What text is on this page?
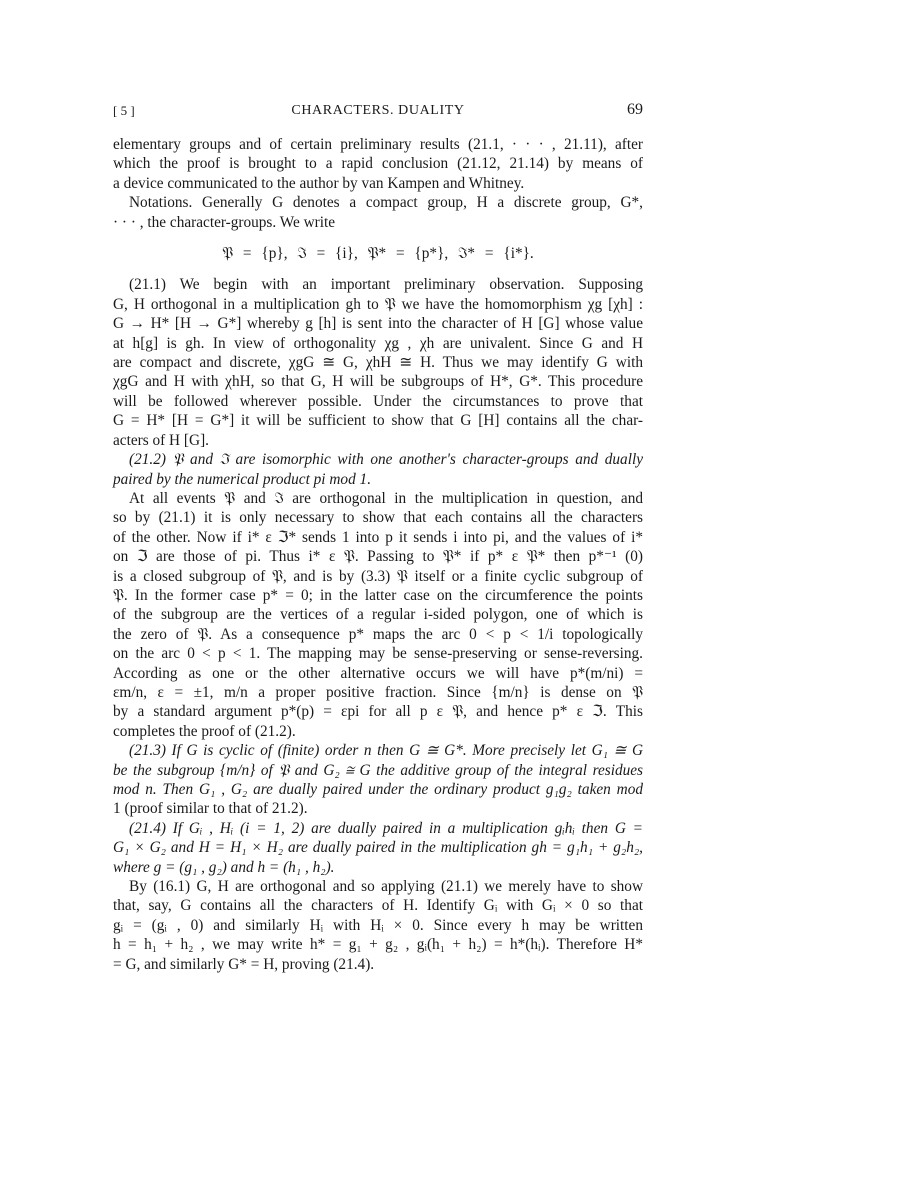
[ 5 ]	CHARACTERS. DUALITY	69
elementary groups and of certain preliminary results (21.1, · · · , 21.11), after
which the proof is brought to a rapid conclusion (21.12, 21.14) by means of
a device communicated to the author by van Kampen and Whitney.
Notations. Generally G denotes a compact group, H a discrete group, G*,
· · · , the character-groups. We write
𝔓 = {p}, ℑ = {i}, 𝔓* = {p*}, ℑ* = {i*}.
(21.1) We begin with an important preliminary observation. Supposing
G, H orthogonal in a multiplication gh to 𝔓 we have the homomorphism χg [χh] :
G → H* [H → G*] whereby g [h] is sent into the character of H [G] whose value
at h[g] is gh. In view of orthogonality χg , χh are univalent. Since G and H
are compact and discrete, χgG ≅ G, χhH ≅ H. Thus we may identify G with
χgG and H with χhH, so that G, H will be subgroups of H*, G*. This procedure
will be followed wherever possible. Under the circumstances to prove that
G = H* [H = G*] it will be sufficient to show that G [H] contains all the char-
acters of H [G].
(21.2) 𝔓 and ℑ are isomorphic with one another's character-groups and dually
paired by the numerical product pi mod 1.
At all events 𝔓 and ℑ are orthogonal in the multiplication in question, and
so by (21.1) it is only necessary to show that each contains all the characters
of the other. Now if i* ε ℑ* sends 1 into p it sends i into pi, and the values of i*
on ℑ are those of pi. Thus i* ε 𝔓. Passing to 𝔓* if p* ε 𝔓* then p*⁻¹ (0)
is a closed subgroup of 𝔓, and is by (3.3) 𝔓 itself or a finite cyclic subgroup of
𝔓. In the former case p* = 0; in the latter case on the circumference the points
of the subgroup are the vertices of a regular i-sided polygon, one of which is
the zero of 𝔓. As a consequence p* maps the arc 0 < p < 1/i topologically
on the arc 0 < p < 1. The mapping may be sense-preserving or sense-reversing.
According as one or the other alternative occurs we will have p*(m/ni) =
εm/n, ε = ±1, m/n a proper positive fraction. Since {m/n} is dense on 𝔓
by a standard argument p*(p) = εpi for all p ε 𝔓, and hence p* ε ℑ. This
completes the proof of (21.2).
(21.3) If G is cyclic of (finite) order n then G ≅ G*. More precisely let G₁ ≅ G
be the subgroup {m/n} of 𝔓 and G₂ ≅ G the additive group of the integral residues
mod n. Then G₁ , G₂ are dually paired under the ordinary product g₁g₂ taken mod
1 (proof similar to that of 21.2).
(21.4) If Gᵢ , Hᵢ (i = 1, 2) are dually paired in a multiplication gᵢhᵢ then G =
G₁ × G₂ and H = H₁ × H₂ are dually paired in the multiplication gh = g₁h₁ + g₂h₂,
where g = (g₁ , g₂) and h = (h₁ , h₂).
By (16.1) G, H are orthogonal and so applying (21.1) we merely have to show
that, say, G contains all the characters of H. Identify Gᵢ with Gᵢ × 0 so that
gᵢ = (gᵢ , 0) and similarly Hᵢ with Hᵢ × 0. Since every h may be written
h = h₁ + h₂ , we may write h* = g₁ + g₂ , gᵢ(h₁ + h₂) = h*(hᵢ). Therefore H*
= G, and similarly G* = H, proving (21.4).
